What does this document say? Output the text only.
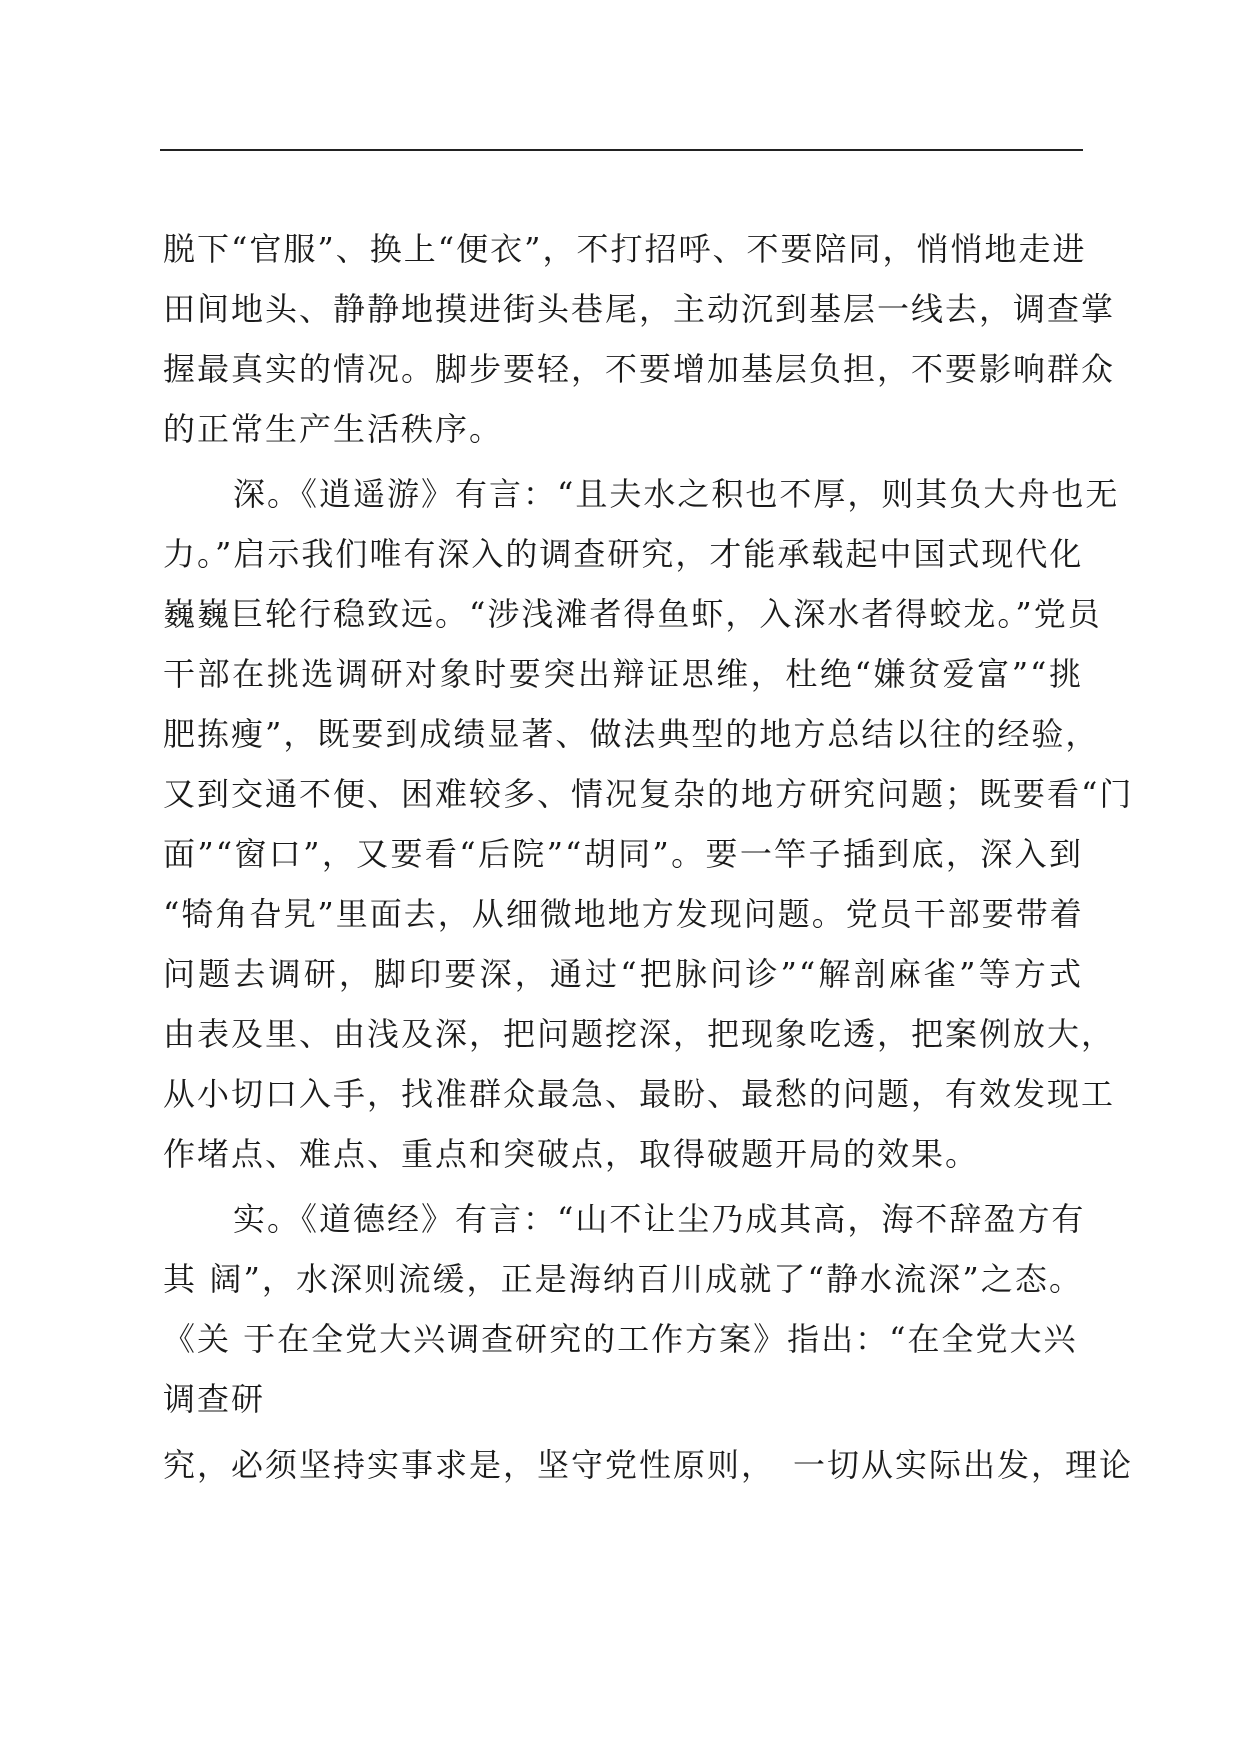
脱下“官服”、换上“便衣”，不打招呼、不要陪同，悄悄地走进
田间地头、静静地摸进街头巷尾，主动沉到基层一线去，调查掌
握最真实的情况。脚步要轻，不要增加基层负担，不要影响群众
的正常生产生活秩序。
深。《逍遥游》有言：“且夫水之积也不厚，则其负大舟也无
力。”启示我们唯有深入的调查研究，才能承载起中国式现代化
巍巍巨轮行稳致远。“涉浅滩者得鱼虾，入深水者得蛟龙。”党员
干部在挑选调研对象时要突出辩证思维，杜绝“嫌贫爱富”“挑
肥拣瘦”，既要到成绩显著、做法典型的地方总结以往的经验，
又到交通不便、困难较多、情况复杂的地方研究问题；既要看“门
面”“窗口”，又要看“后院”“胡同”。要一竿子插到底，深入到
“犄角旮旯”里面去，从细微地地方发现问题。党员干部要带着
问题去调研，脚印要深，通过“把脉问诊”“解剖麻雀”等方式
由表及里、由浅及深，把问题挖深，把现象吃透，把案例放大，
从小切口入手，找准群众最急、最盼、最愁的问题，有效发现工
作堵点、难点、重点和突破点，取得破题开局的效果。
实。《道德经》有言：“山不让尘乃成其高，海不辞盈方有
其 阔”，水深则流缓，正是海纳百川成就了“静水流深”之态。
《关 于在全党大兴调查研究的工作方案》指出：“在全党大兴
调查研
究，必须坚持实事求是，坚守党性原则，　一切从实际出发，理论
